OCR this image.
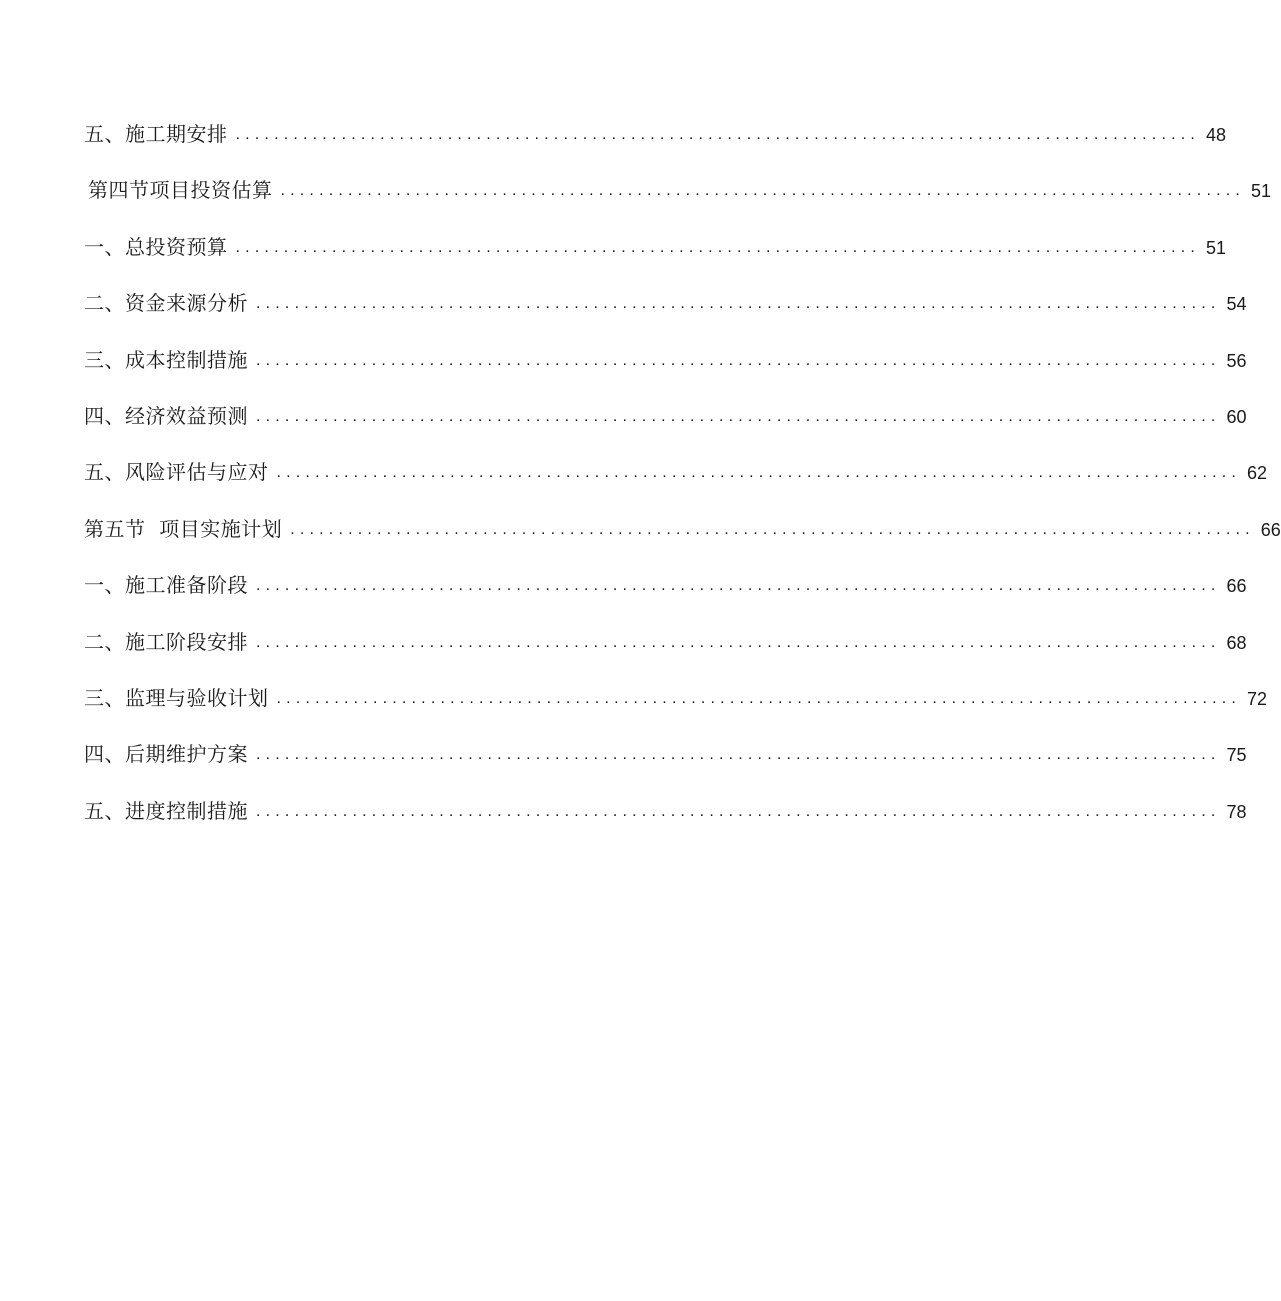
五、施工期安排 .................................................................................................... 48
第四节项目投资估算 .................................................................................................... 51
一、总投资预算 .................................................................................................... 51
二、资金来源分析 .................................................................................................... 54
三、成本控制措施 .................................................................................................... 56
四、经济效益预测 .................................................................................................... 60
五、风险评估与应对 .................................................................................................... 62
第五节  项目实施计划 .................................................................................................... 66
一、施工准备阶段 .................................................................................................... 66
二、施工阶段安排 .................................................................................................... 68
三、监理与验收计划 .................................................................................................... 72
四、后期维护方案 .................................................................................................... 75
五、进度控制措施 .................................................................................................... 78
